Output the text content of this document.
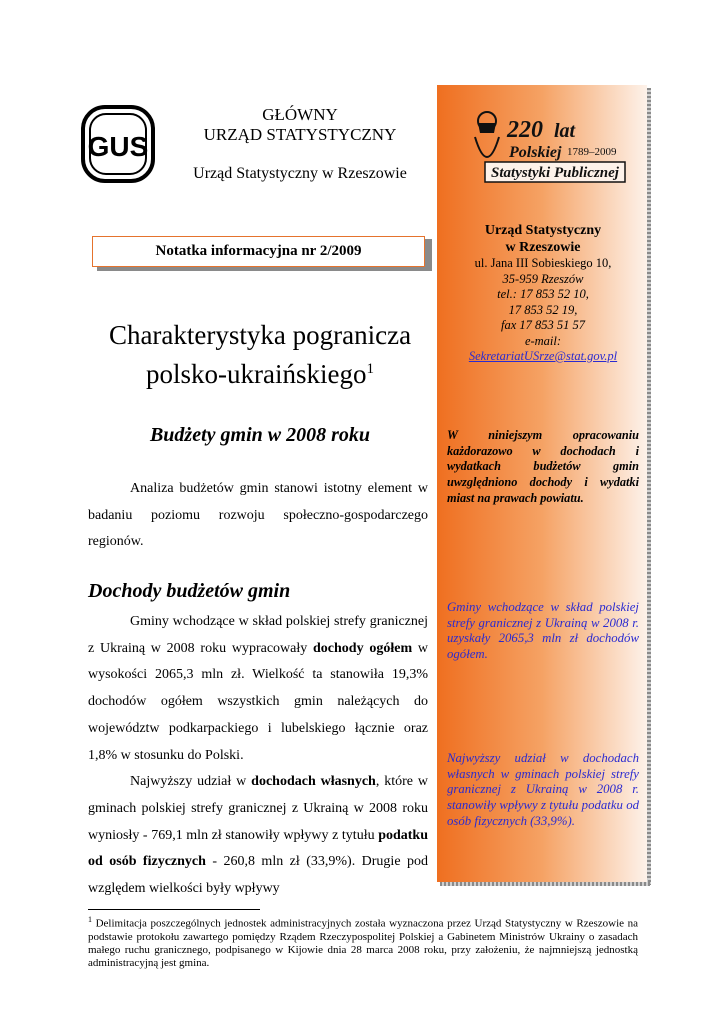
GUS
GŁÓWNY
URZĄD STATYSTYCZNY
Urząd Statystyczny w Rzeszowie
Notatka informacyjna nr 2/2009
Charakterystyka pogranicza
polsko-ukraińskiego$^1$
Budżety gmin w 2008 roku

Analiza budżetów gmin stanowi istotny element w badaniu poziomu rozwoju społeczno-gospodarczego regionów.

Dochody budżetów gmin

Gminy wchodzące w skład polskiej strefy granicznej z Ukrainą w 2008 roku wypracowały dochody ogółem w wysokości 2065,3 mln zł. Wielkość ta stanowiła 19,3% dochodów ogółem wszystkich gmin należących do województw podkarpackiego i lubelskiego łącznie oraz 1,8% w stosunku do Polski.

Najwyższy udział w dochodach własnych, które w gminach polskiej strefy granicznej z Ukrainą w 2008 roku wyniosły - 769,1 mln zł stanowiły wpływy z tytułu podatku od osób fizycznych - 260,8 mln zł (33,9%). Drugie pod względem wielkości były wpływy

220 lat
Polskiej 1789–2009
Statystyki Publicznej
Urząd Statystyczny
w Rzeszowie
ul. Jana III Sobieskiego 10,
35-959 Rzeszów
tel.: 17 853 52 10,
17 853 52 19,
fax 17 853 51 57
e-mail:
SekretariatUSrze@stat.gov.pl
W niniejszym opracowaniu każdorazowo w dochodach i wydatkach budżetów gmin uwzględniono dochody i wydatki miast na prawach powiatu.
Gminy wchodzące w skład polskiej strefy granicznej z Ukrainą w 2008 r. uzyskały 2065,3 mln zł dochodów ogółem.
Najwyższy udział w dochodach własnych w gminach polskiej strefy granicznej z Ukrainą w 2008 r. stanowiły wpływy z tytułu podatku od osób fizycznych (33,9%).
$^1$ Delimitacja poszczególnych jednostek administracyjnych została wyznaczona przez Urząd Statystyczny w Rzeszowie na podstawie protokołu zawartego pomiędzy Rządem Rzeczypospolitej Polskiej a Gabinetem Ministrów Ukrainy o zasadach małego ruchu granicznego, podpisanego w Kijowie dnia 28 marca 2008 roku, przy założeniu, że najmniejszą jednostką administracyjną jest gmina.
